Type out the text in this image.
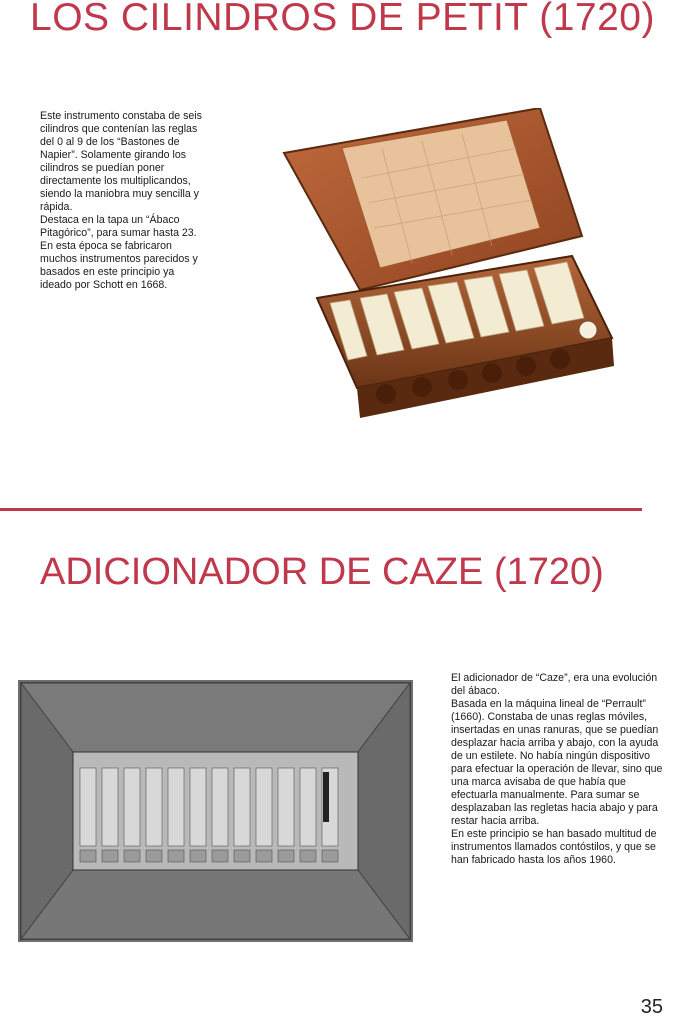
LOS CILINDROS DE PETIT (1720)

Este instrumento constaba de seis cilindros que contenían las reglas del 0 al 9 de los “Bastones de Napier”. Solamente girando los cilindros se puedían poner directamente los multiplicandos, siendo la maniobra muy sencilla y rápida.

Destaca en la tapa un “Ábaco Pitagórico”, para sumar hasta 23.

En esta época se fabricaron muchos instrumentos parecidos y basados en este principio ya ideado por Schott en 1668.

ADICIONADOR DE CAZE (1720)

El adicionador de “Caze”, era una evolución del ábaco.

Basada en la máquina lineal de “Perrault” (1660). Constaba de unas reglas móviles, insertadas en unas ranuras, que se puedían desplazar hacia arriba y abajo, con la ayuda de un estilete. No había ningún dispositivo para efectuar la operación de llevar, sino que una marca avisaba de que había que efectuarla manualmente. Para sumar se desplazaban las regletas hacia abajo y para restar hacia arriba.

En este principio se han basado multitud de instrumentos llamados contóstilos, y que se han fabricado hasta los años 1960.

35
